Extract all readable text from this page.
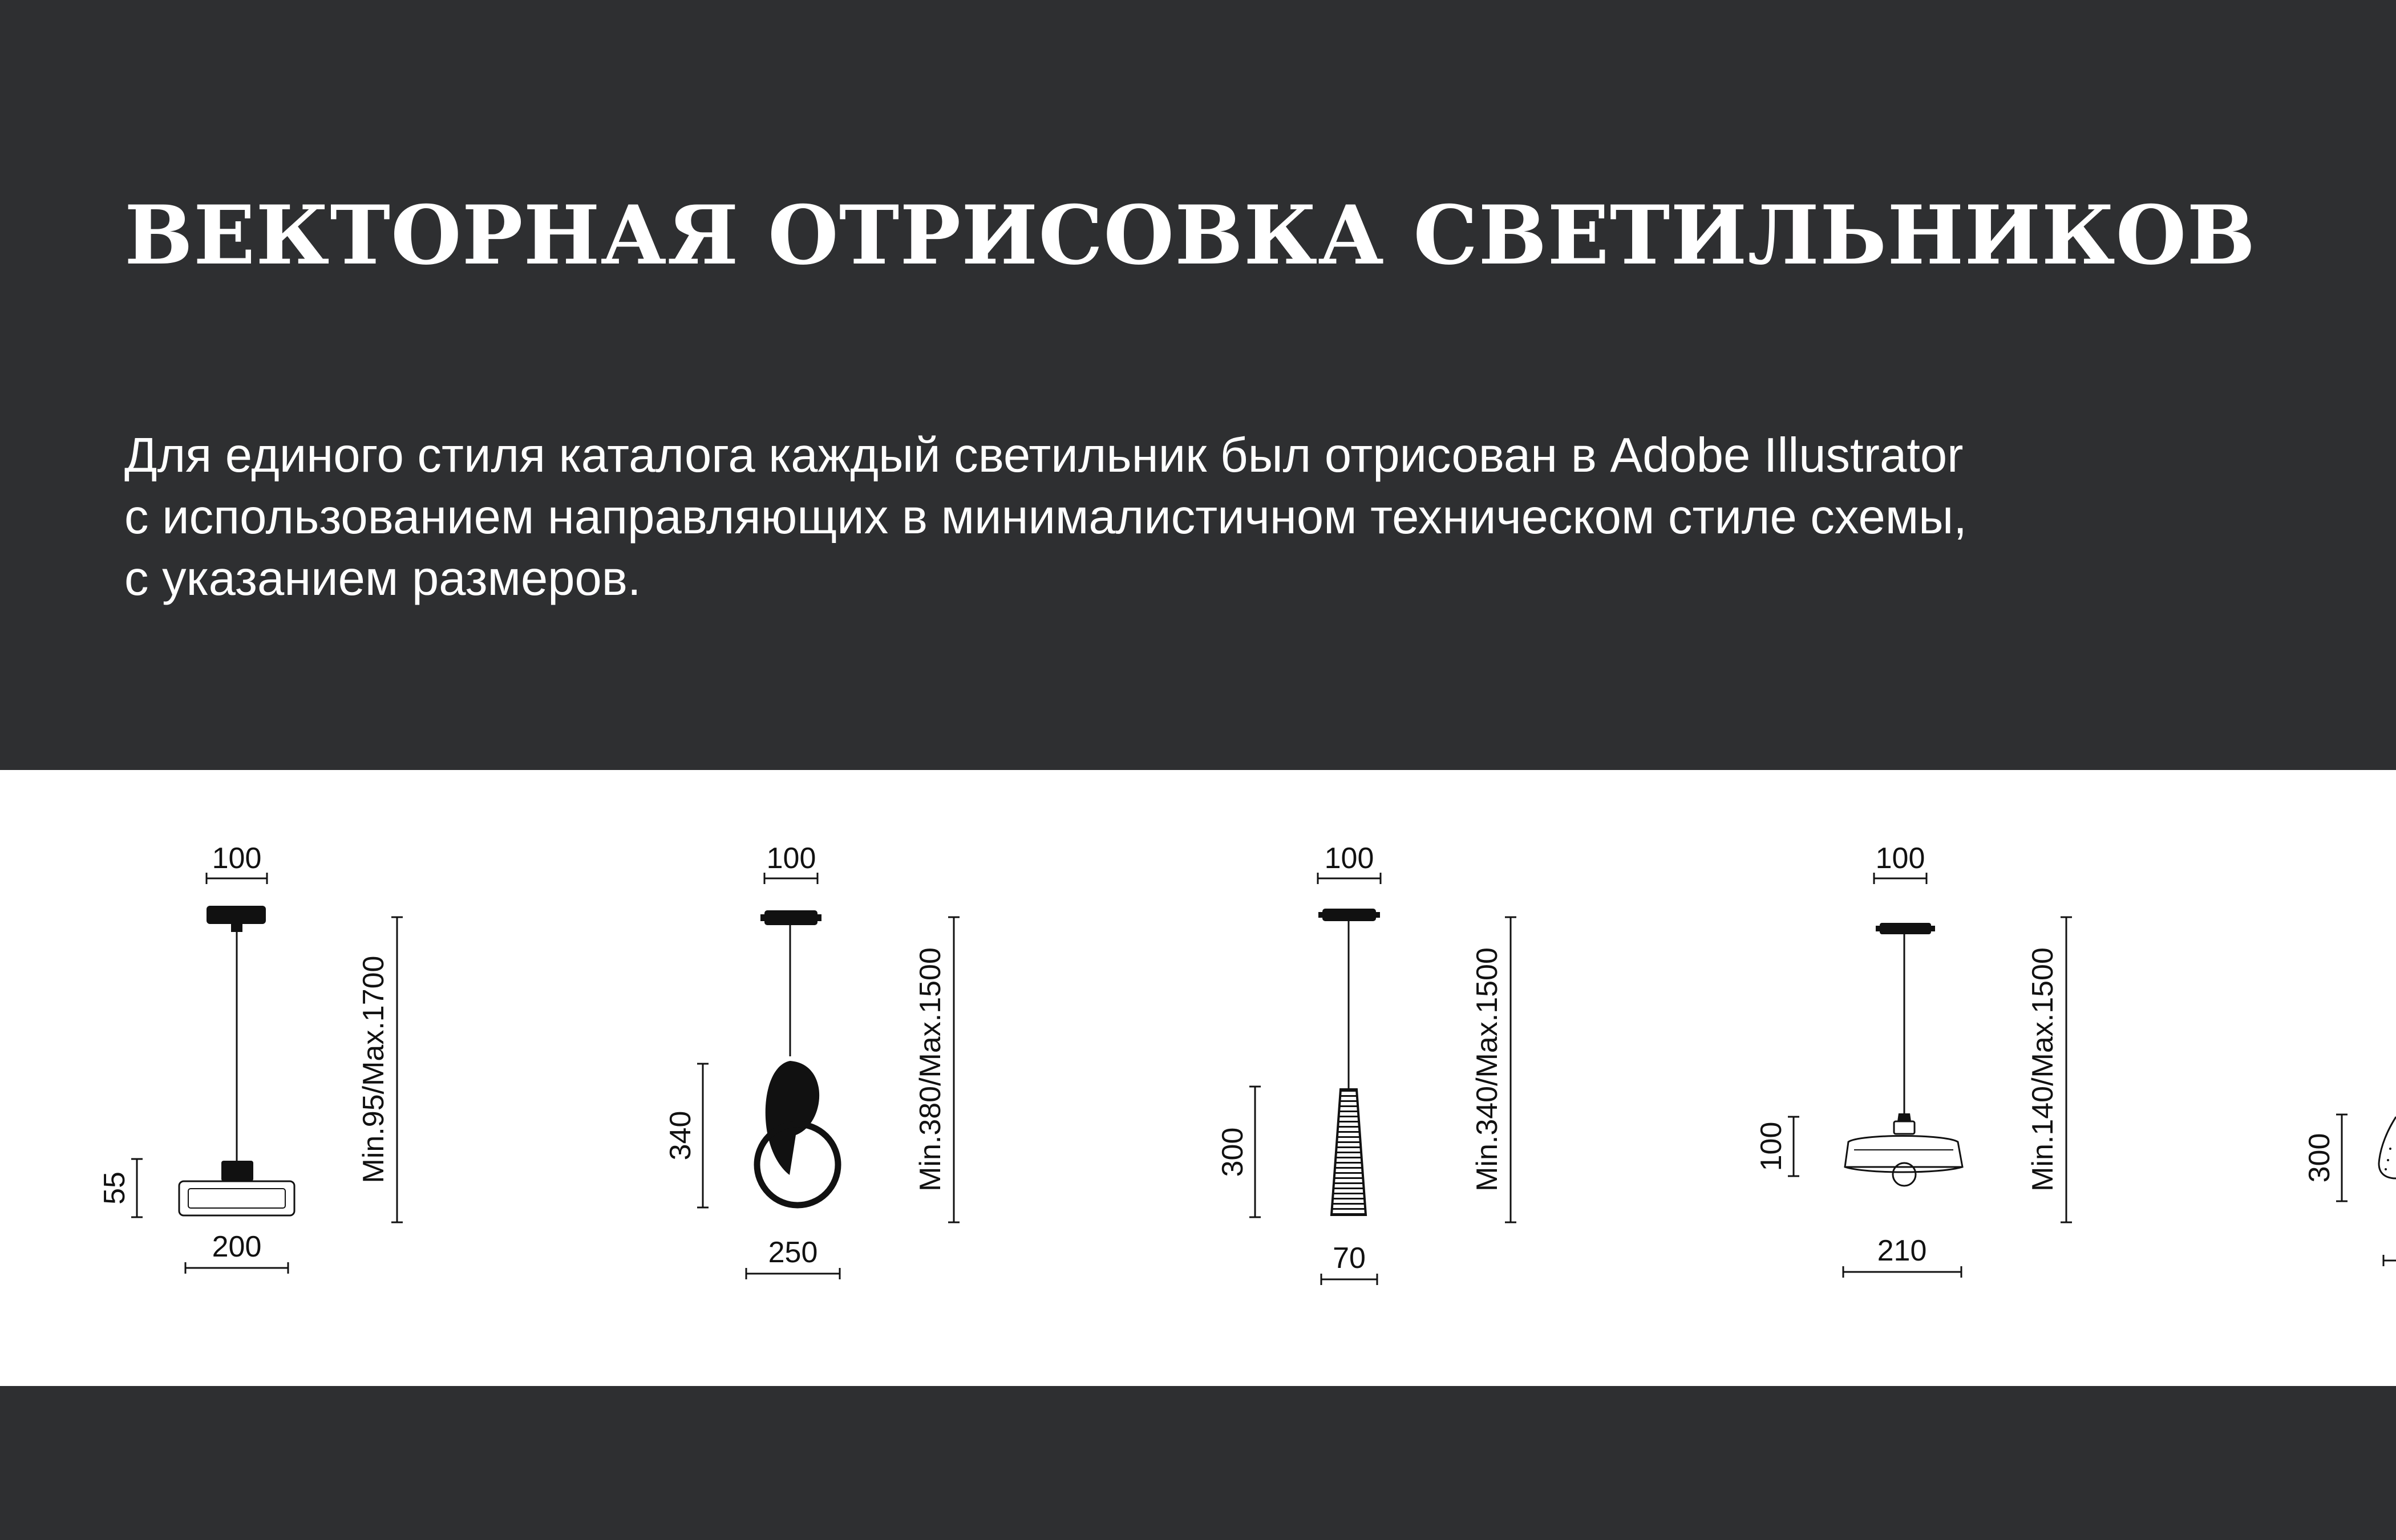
ВЕКТОРНАЯ ОТРИСОВКА СВЕТИЛЬНИКОВ

Для единого стиля каталога каждый светильник был отрисован в Adobe Illustrator
с использованием направляющих в минималистичном техническом стиле схемы,
с указанием размеров.

100
55
Min.95/Max.1700
200
100
340	Min.380/Max.1500
250
100
300	Min.340/Max.1500
70
100
100	Min.140/Max.1500
210
300
